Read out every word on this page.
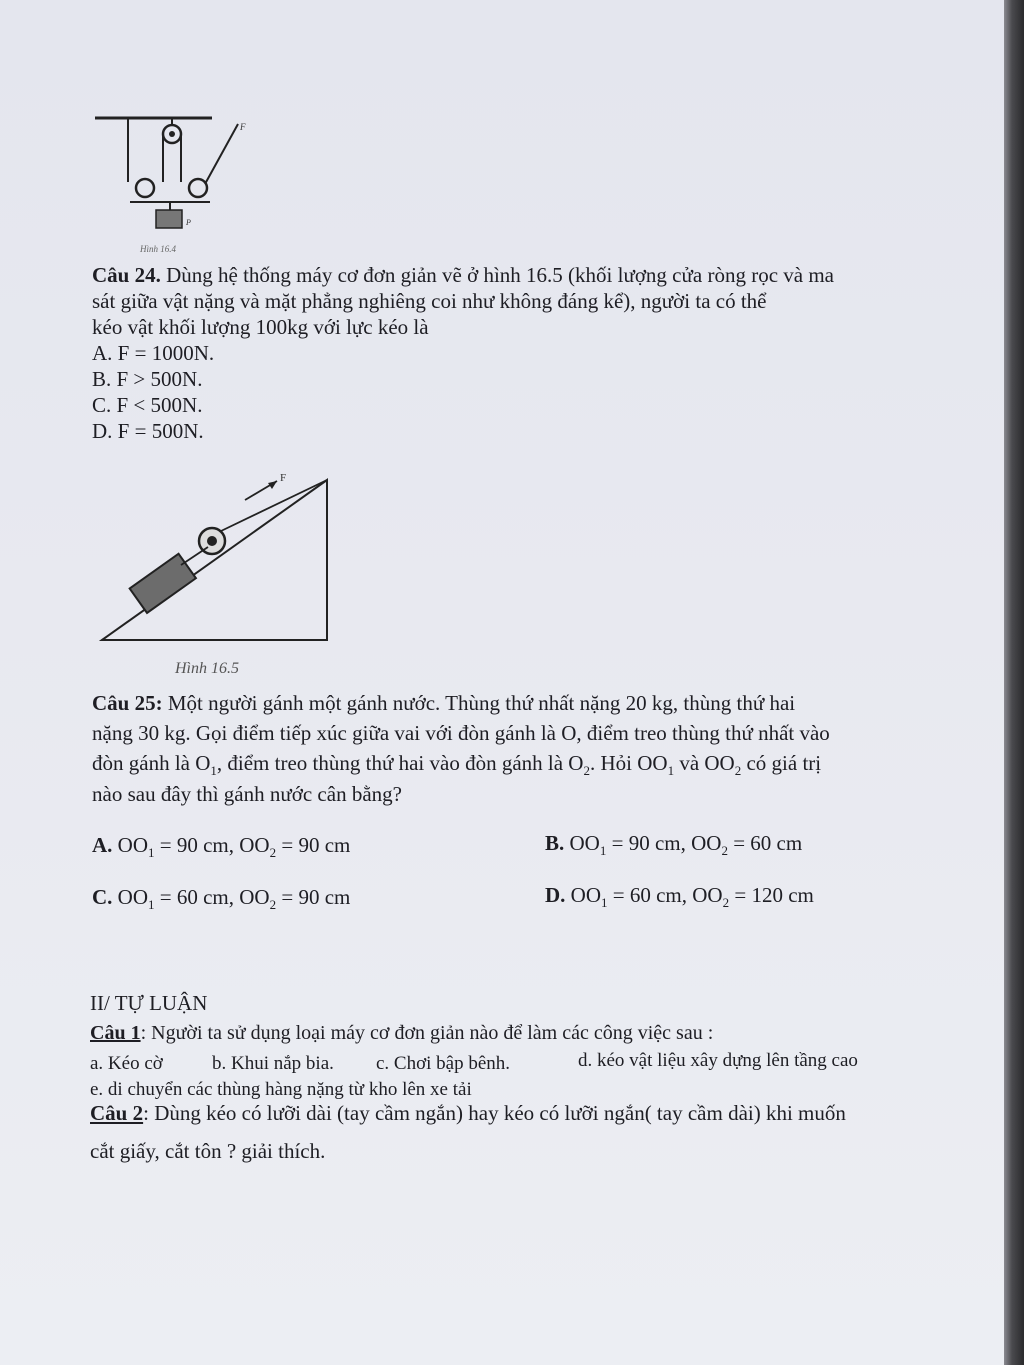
F
P
Hình 16.4
Câu 24. Dùng hệ thống máy cơ đơn giản vẽ ở hình 16.5 (khối lượng cửa ròng rọc và ma
sát giữa vật nặng và mặt phẳng nghiêng coi như không đáng kể), người ta có thể
kéo vật khối lượng 100kg với lực kéo là
A. F = 1000N.
B. F > 500N.
C. F < 500N.
D. F = 500N.
F
Hình 16.5
Câu 25: Một người gánh một gánh nước. Thùng thứ nhất nặng 20 kg, thùng thứ hai
nặng 30 kg. Gọi điểm tiếp xúc giữa vai với đòn gánh là O, điểm treo thùng thứ nhất vào
đòn gánh là $O_1$, điểm treo thùng thứ hai vào đòn gánh là $O_2$. Hỏi $OO_1$ và $OO_2$ có giá trị
nào sau đây thì gánh nước cân bằng?
A. $OO_1 = 90$ cm, $OO_2 = 90$ cm	B. $OO_1 = 90$ cm, $OO_2 = 60$ cm
C. $OO_1 = 60$ cm, $OO_2 = 90$ cm	D. $OO_1 = 60$ cm, $OO_2 = 120$ cm
II/ TỰ LUẬN
Câu 1: Người ta sử dụng loại máy cơ đơn giản nào để làm các công việc sau :
a. Kéo cờ	b. Khui nắp bia. c. Chơi bập bênh.	d. kéo vật liệu xây dựng lên tầng cao
e. di chuyển các thùng hàng nặng từ kho lên xe tải
Câu 2: Dùng kéo có lưỡi dài (tay cầm ngắn) hay kéo có lưỡi ngắn( tay cầm dài) khi muốn
cắt giấy, cắt tôn ? giải thích.
